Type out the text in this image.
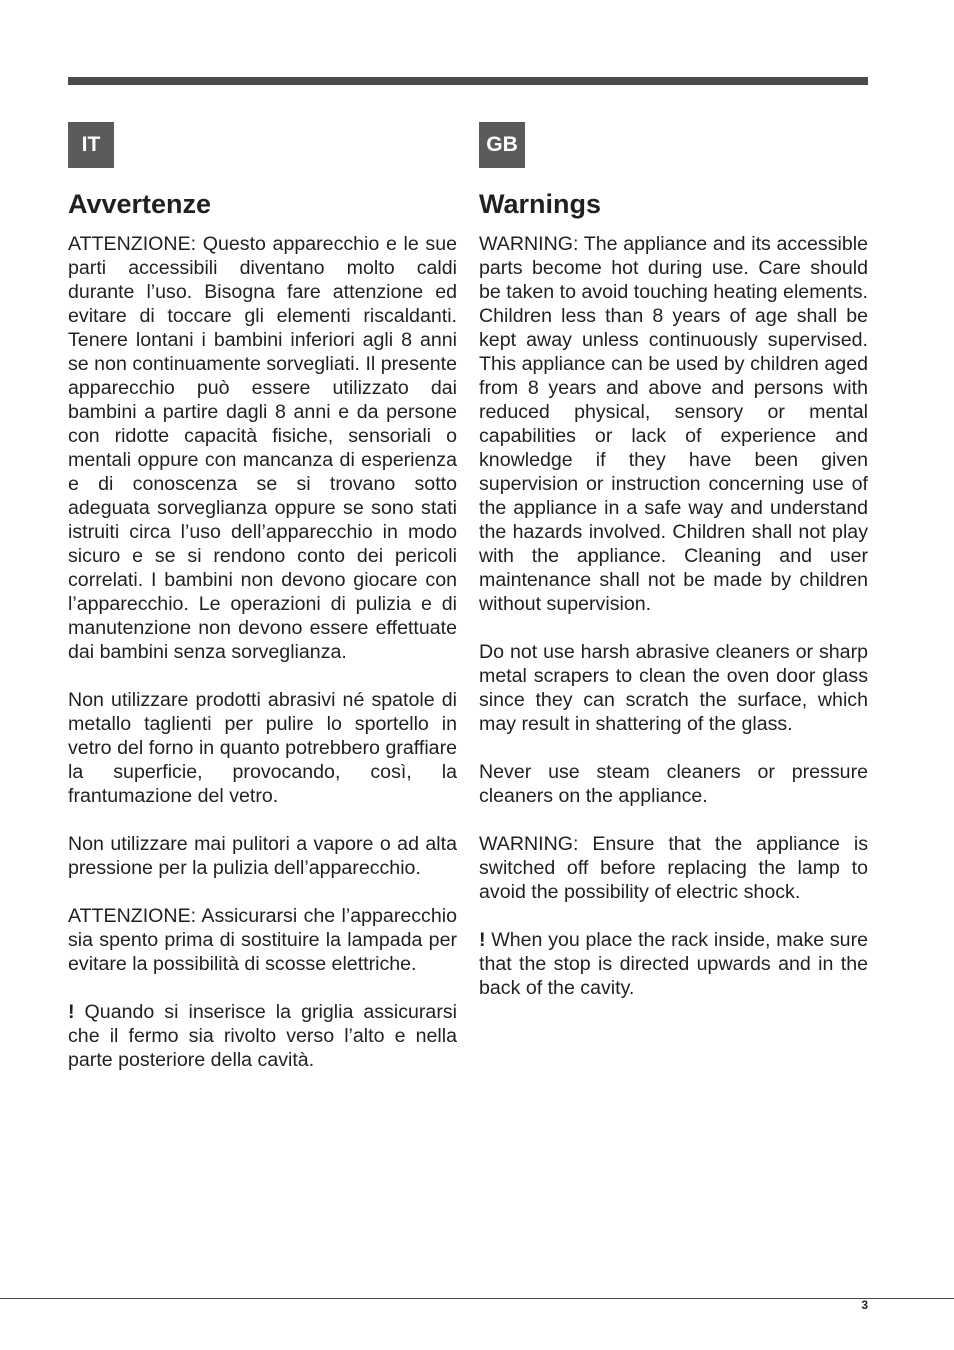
IT
Avvertenze

ATTENZIONE: Questo apparecchio e le sue parti accessibili diventano molto caldi durante l’uso. Bisogna fare attenzione ed evitare di toccare gli elementi riscaldanti. Tenere lontani i bambini inferiori agli 8 anni se non continuamente sorvegliati. Il presente apparecchio può essere utilizzato dai bambini a partire dagli 8 anni e da persone con ridotte capacità fisiche, sensoriali o mentali oppure con mancanza di esperienza e di conoscenza se si trovano sotto adeguata sorveglianza oppure se sono stati istruiti circa l’uso dell’apparecchio in modo sicuro e se si rendono conto dei pericoli correlati. I bambini non devono giocare con l’apparecchio. Le operazioni di pulizia e di manutenzione non devono essere effettuate dai bambini senza sorveglianza.

Non utilizzare prodotti abrasivi né spatole di metallo taglienti per pulire lo sportello in vetro del forno in quanto potrebbero graffiare la superficie, provocando, così, la frantumazione del vetro.

Non utilizzare mai pulitori a vapore o ad alta pressione per la pulizia dell’apparecchio.

ATTENZIONE: Assicurarsi che l’apparecchio sia spento prima di sostituire la lampada per evitare la possibilità di scosse elettriche.

! Quando si inserisce la griglia assicurarsi che il fermo sia rivolto verso l’alto e nella parte posteriore della cavità.

GB
Warnings

WARNING: The appliance and its accessible parts become hot during use. Care should be taken to avoid touching heating elements. Children less than 8 years of age shall be kept away unless continuously supervised. This appliance can be used by children aged from 8 years and above and persons with reduced physical, sensory or mental capabilities or lack of experience and knowledge if they have been given supervision or instruction concerning use of the appliance in a safe way and understand the hazards involved. Children shall not play with the appliance. Cleaning and user maintenance shall not be made by children without supervision.

Do not use harsh abrasive cleaners or sharp metal scrapers to clean the oven door glass since they can scratch the surface, which may result in shattering of the glass.

Never use steam cleaners or pressure cleaners on the appliance.

WARNING: Ensure that the appliance is switched off before replacing the lamp to avoid the possibility of electric shock.

! When you place the rack inside, make sure that the stop is directed upwards and in the back of the cavity.

3
